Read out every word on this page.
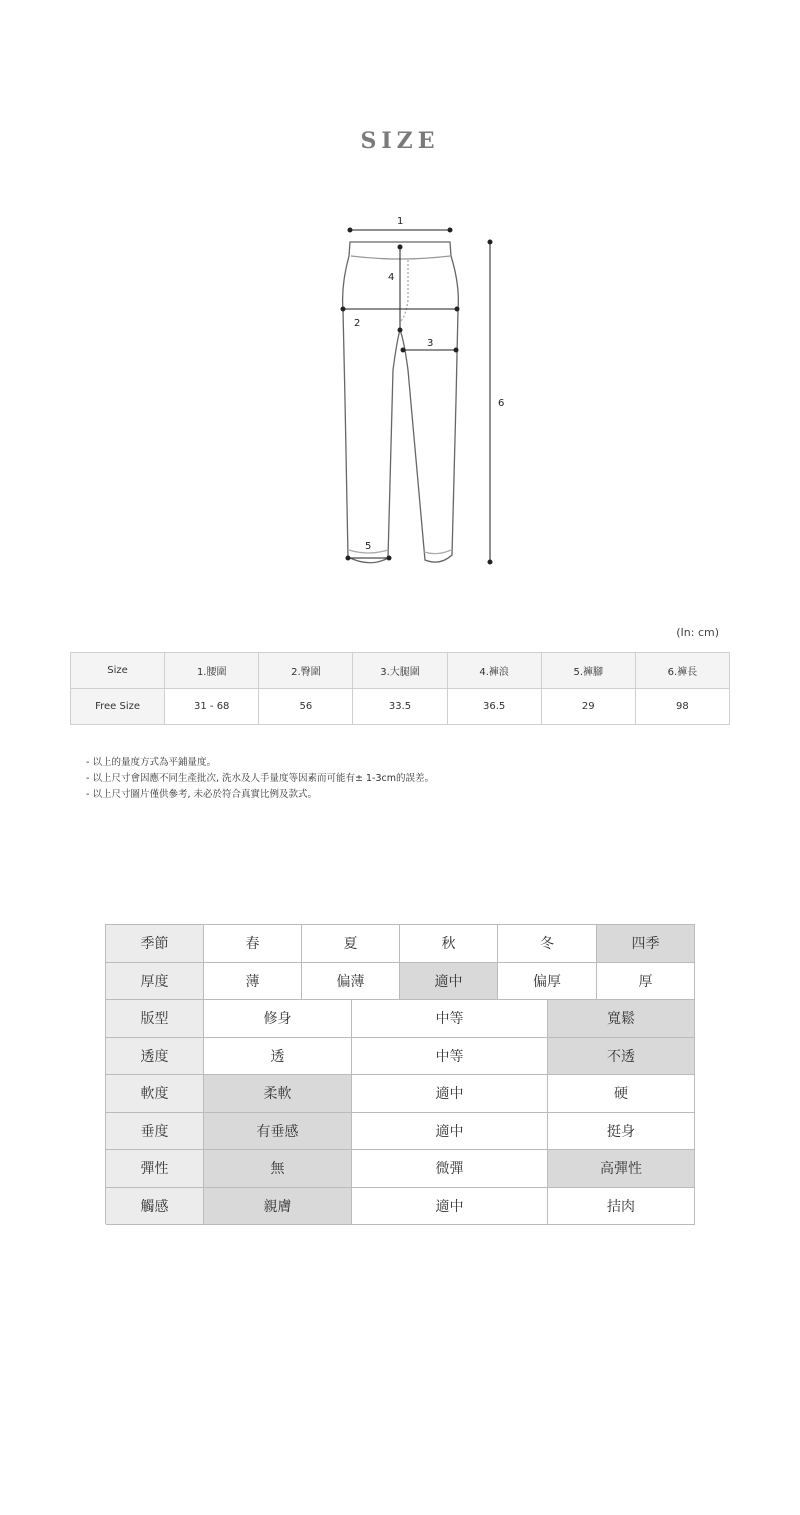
SIZE
1
2
3
4
5
6
(In: cm)
Size	1.腰圍	2.臀圍	3.大腿圍	4.褲浪	5.褲腳	6.褲長
Free Size	31 - 68	56	33.5	36.5	29	98
- 以上的量度方式為平鋪量度。
- 以上尺寸會因應不同生產批次, 洗水及人手量度等因素而可能有± 1-3cm的誤差。
- 以上尺寸圖片僅供參考, 未必於符合真實比例及款式。
季節	春	夏	秋	冬	四季
厚度	薄	偏薄	適中	偏厚	厚
版型	修身	中等	寬鬆
透度	透	中等	不透
軟度	柔軟	適中	硬
垂度	有垂感	適中	挺身
彈性	無	微彈	高彈性
觸感	親膚	適中	拮肉
